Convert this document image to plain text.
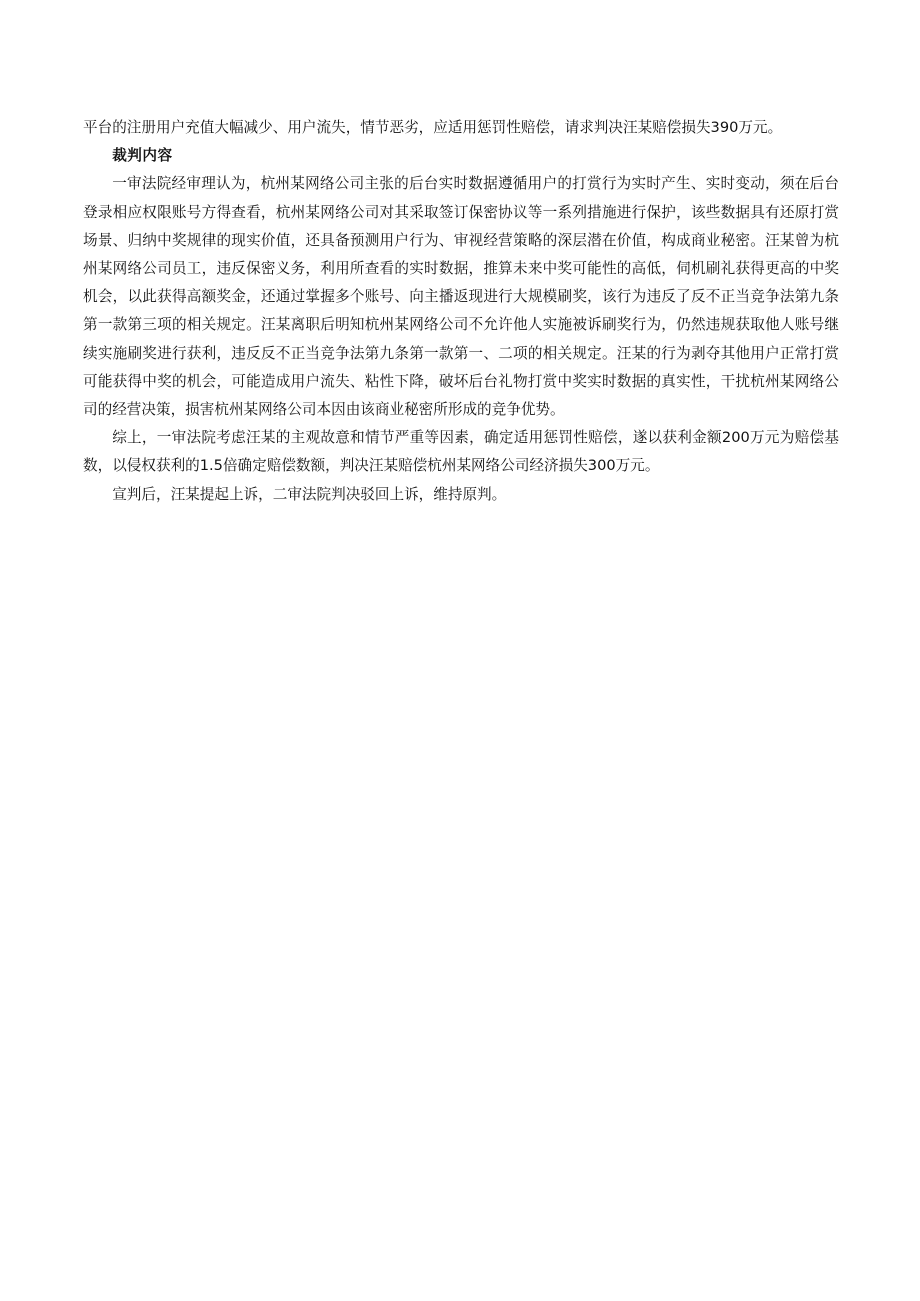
平台的注册用户充值大幅减少、用户流失，情节恶劣，应适用惩罚性赔偿，请求判决汪某赔偿损失390万元。

裁判内容

一审法院经审理认为，杭州某网络公司主张的后台实时数据遵循用户的打赏行为实时产生、实时变动，须在后台登录相应权限账号方得查看，杭州某网络公司对其采取签订保密协议等一系列措施进行保护，该些数据具有还原打赏场景、归纳中奖规律的现实价值，还具备预测用户行为、审视经营策略的深层潜在价值，构成商业秘密。汪某曾为杭州某网络公司员工，违反保密义务，利用所查看的实时数据，推算未来中奖可能性的高低，伺机刷礼获得更高的中奖机会，以此获得高额奖金，还通过掌握多个账号、向主播返现进行大规模刷奖，该行为违反了反不正当竞争法第九条第一款第三项的相关规定。汪某离职后明知杭州某网络公司不允许他人实施被诉刷奖行为，仍然违规获取他人账号继续实施刷奖进行获利，违反反不正当竞争法第九条第一款第一、二项的相关规定。汪某的行为剥夺其他用户正常打赏可能获得中奖的机会，可能造成用户流失、粘性下降，破坏后台礼物打赏中奖实时数据的真实性，干扰杭州某网络公司的经营决策，损害杭州某网络公司本因由该商业秘密所形成的竞争优势。

综上，一审法院考虑汪某的主观故意和情节严重等因素，确定适用惩罚性赔偿，遂以获利金额200万元为赔偿基数，以侵权获利的1.5倍确定赔偿数额，判决汪某赔偿杭州某网络公司经济损失300万元。

宣判后，汪某提起上诉，二审法院判决驳回上诉，维持原判。
